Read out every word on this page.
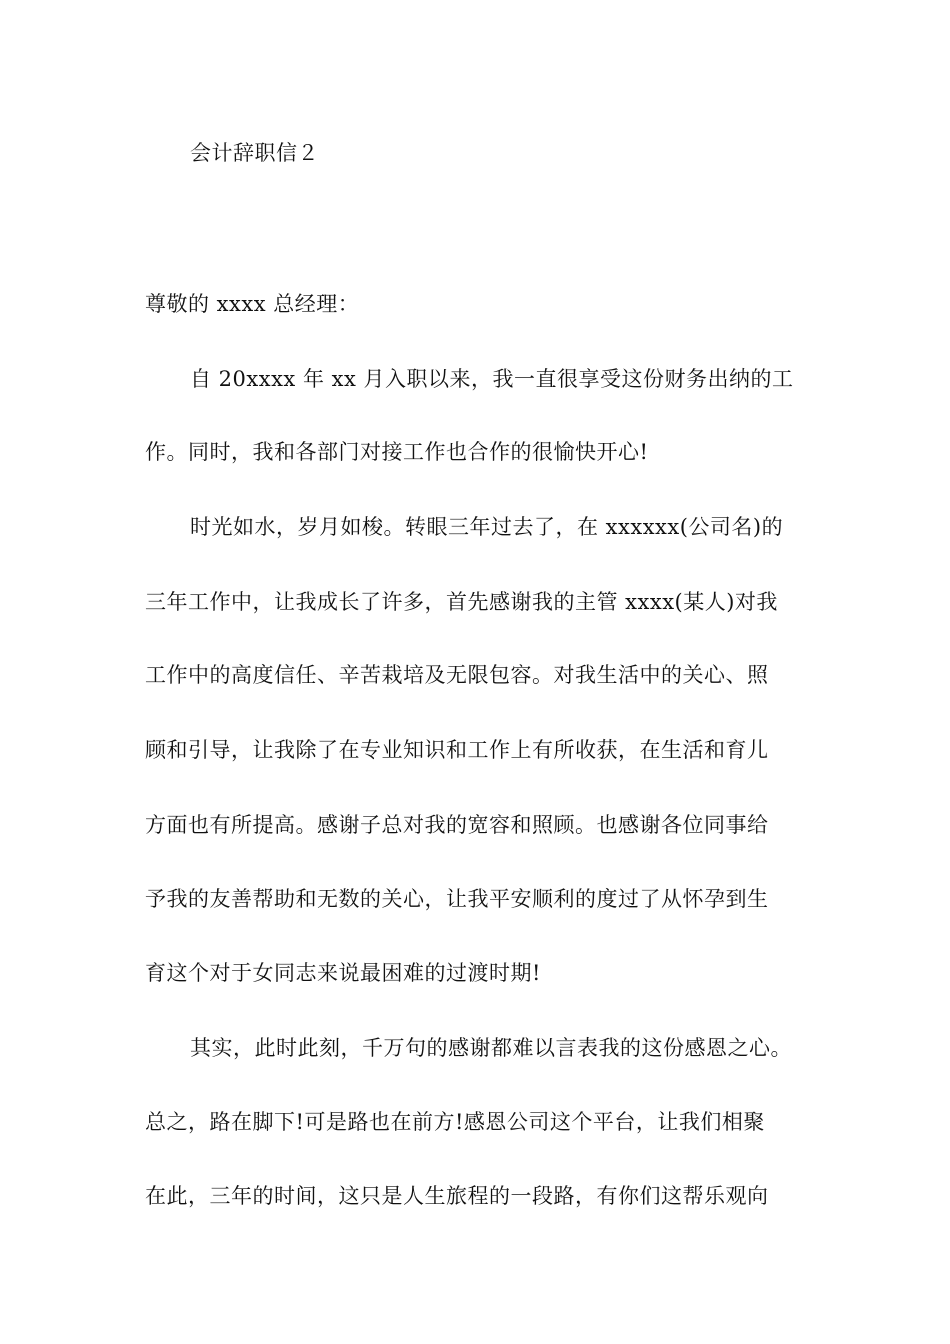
会计辞职信２
尊敬的 xxxx 总经理：
自 20xxxx 年 xx 月入职以来，我一直很享受这份财务出纳的工
作。同时，我和各部门对接工作也合作的很愉快开心!
时光如水，岁月如梭。转眼三年过去了，在 xxxxxx(公司名)的
三年工作中，让我成长了许多，首先感谢我的主管 xxxx(某人)对我
工作中的高度信任、辛苦栽培及无限包容。对我生活中的关心、照
顾和引导，让我除了在专业知识和工作上有所收获，在生活和育儿
方面也有所提高。感谢子总对我的宽容和照顾。也感谢各位同事给
予我的友善帮助和无数的关心，让我平安顺利的度过了从怀孕到生
育这个对于女同志来说最困难的过渡时期!
其实，此时此刻，千万句的感谢都难以言表我的这份感恩之心。
总之，路在脚下!可是路也在前方!感恩公司这个平台，让我们相聚
在此，三年的时间，这只是人生旅程的一段路，有你们这帮乐观向
